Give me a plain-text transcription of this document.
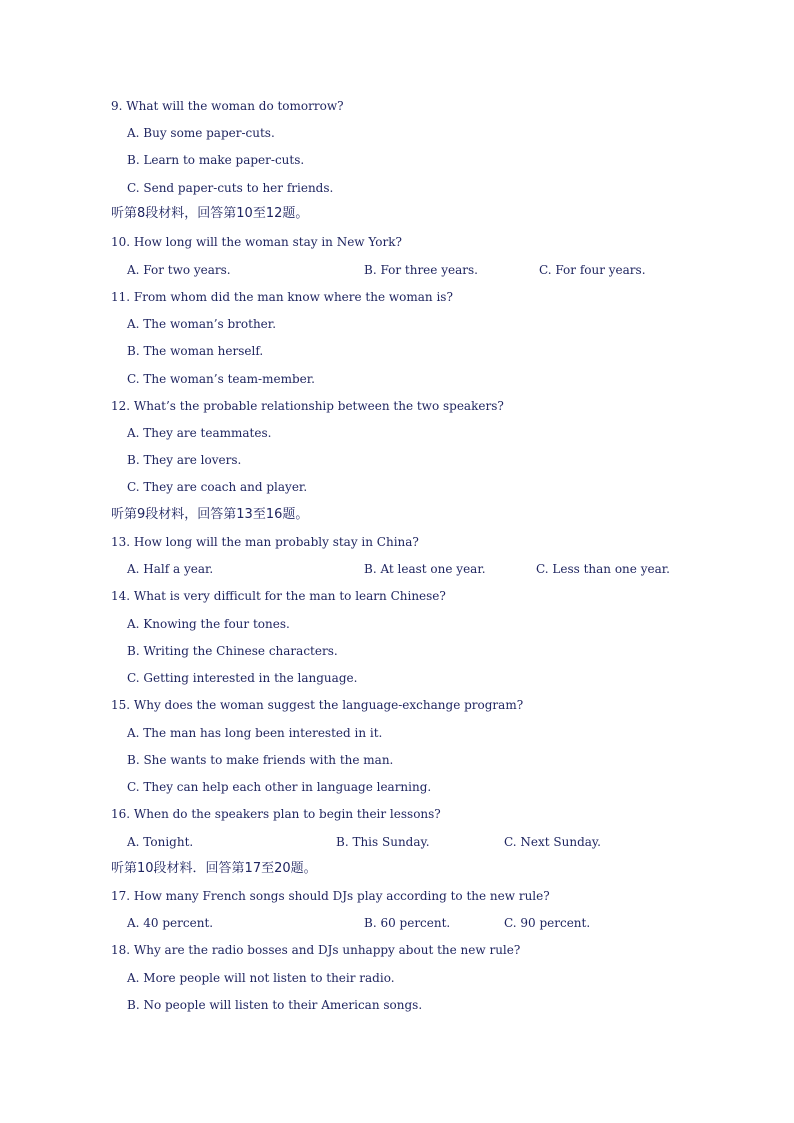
9. What will the woman do tomorrow?
A. Buy some paper-cuts.
B. Learn to make paper-cuts.
C. Send paper-cuts to her friends.
听第8段材料，回答第10至12题。
10. How long will the woman stay in New York?
A. For two years.	B. For three years.	C. For four years.
11. From whom did the man know where the woman is?
A. The woman’s brother.
B. The woman herself.
C. The woman’s team-member.
12. What’s the probable relationship between the two speakers?
A. They are teammates.
B. They are lovers.
C. They are coach and player.
听第9段材料，回答第13至16题。
13. How long will the man probably stay in China?
A. Half a year.	B. At least one year.	C. Less than one year.
14. What is very difficult for the man to learn Chinese?
A. Knowing the four tones.
B. Writing the Chinese characters.
C. Getting interested in the language.
15. Why does the woman suggest the language-exchange program?
A. The man has long been interested in it.
B. She wants to make friends with the man.
C. They can help each other in language learning.
16. When do the speakers plan to begin their lessons?
A. Tonight.	B. This Sunday.	C. Next Sunday.
听第10段材料．回答第17至20题。
17. How many French songs should DJs play according to the new rule?
A. 40 percent.	B. 60 percent.	C. 90 percent.
18. Why are the radio bosses and DJs unhappy about the new rule?
A. More people will not listen to their radio.
B. No people will listen to their American songs.
